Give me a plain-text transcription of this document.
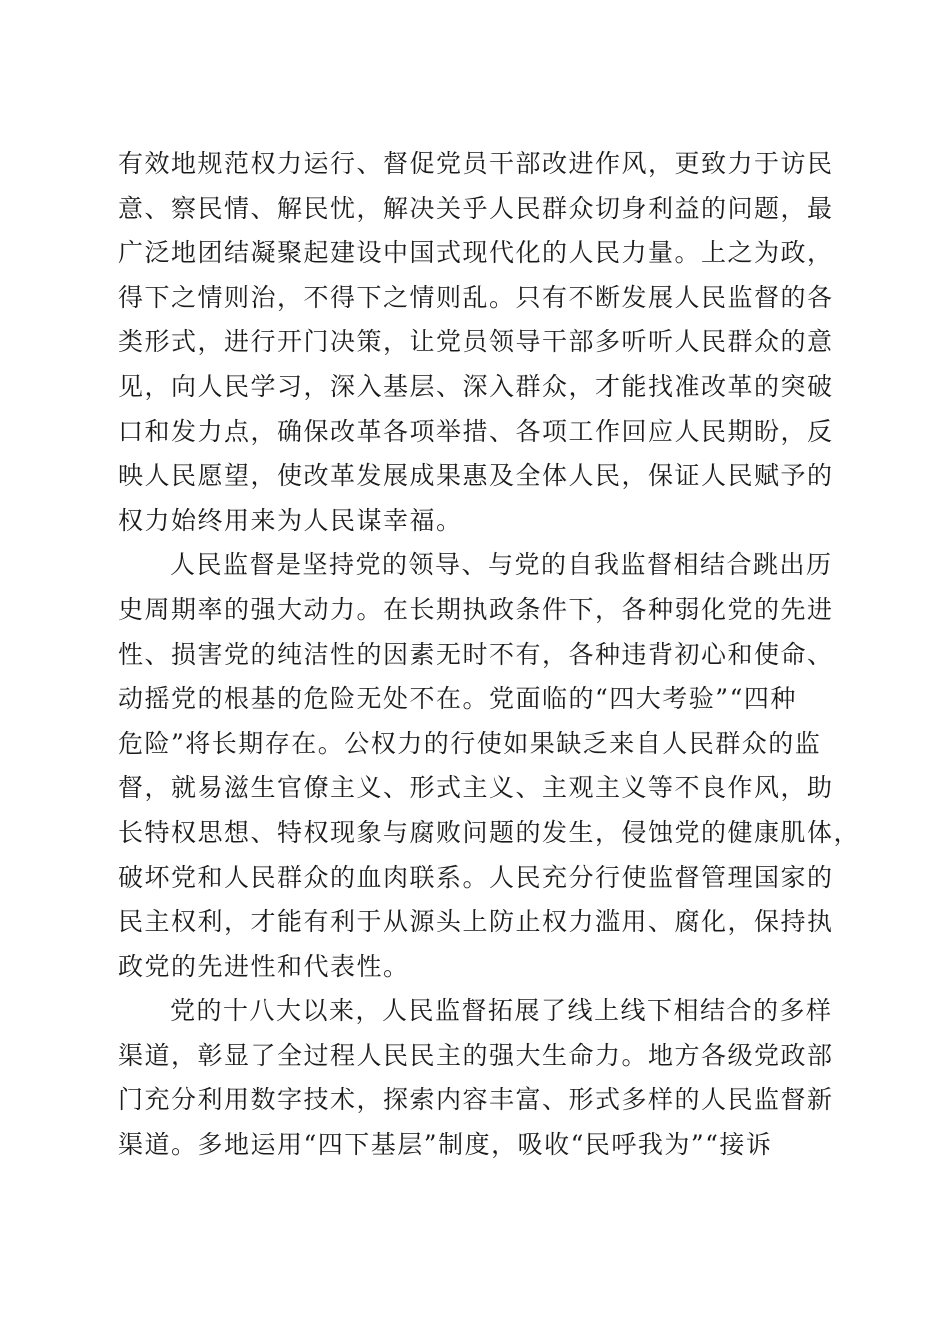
有效地规范权力运行、督促党员干部改进作风，更致力于访民
意、察民情、解民忧，解决关乎人民群众切身利益的问题，最
广泛地团结凝聚起建设中国式现代化的人民力量。上之为政，
得下之情则治，不得下之情则乱。只有不断发展人民监督的各
类形式，进行开门决策，让党员领导干部多听听人民群众的意
见，向人民学习，深入基层、深入群众，才能找准改革的突破
口和发力点，确保改革各项举措、各项工作回应人民期盼，反
映人民愿望，使改革发展成果惠及全体人民，保证人民赋予的
权力始终用来为人民谋幸福。
人民监督是坚持党的领导、与党的自我监督相结合跳出历
史周期率的强大动力。在长期执政条件下，各种弱化党的先进
性、损害党的纯洁性的因素无时不有，各种违背初心和使命、
动摇党的根基的危险无处不在。党面临的“四大考验”“四种
危险”将长期存在。公权力的行使如果缺乏来自人民群众的监
督，就易滋生官僚主义、形式主义、主观主义等不良作风，助
长特权思想、特权现象与腐败问题的发生，侵蚀党的健康肌体，
破坏党和人民群众的血肉联系。人民充分行使监督管理国家的
民主权利，才能有利于从源头上防止权力滥用、腐化，保持执
政党的先进性和代表性。
党的十八大以来，人民监督拓展了线上线下相结合的多样
渠道，彰显了全过程人民民主的强大生命力。地方各级党政部
门充分利用数字技术，探索内容丰富、形式多样的人民监督新
渠道。多地运用“四下基层”制度，吸收“民呼我为”“接诉
